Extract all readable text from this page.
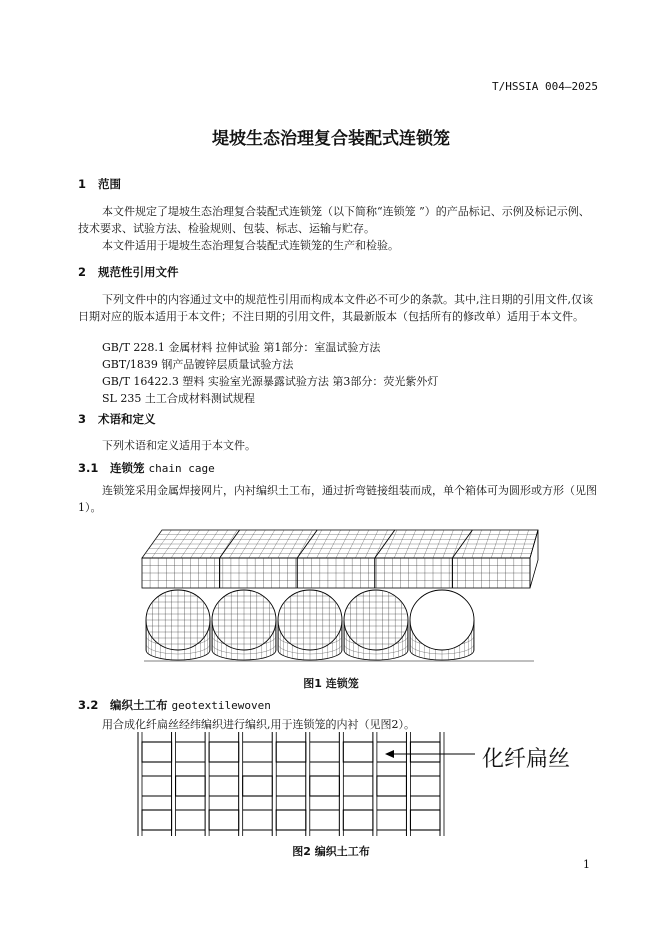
T/HSSIA 004—2025
堤坡生态治理复合装配式连锁笼
1 范围
本文件规定了堤坡生态治理复合装配式连锁笼（以下简称“连锁笼 ”）的产品标记、示例及标记示例、技术要求、试验方法、检验规则、包装、标志、运输与贮存。
本文件适用于堤坡生态治理复合装配式连锁笼的生产和检验。
2 规范性引用文件
下列文件中的内容通过文中的规范性引用而构成本文件必不可少的条款。其中,注日期的引用文件,仅该日期对应的版本适用于本文件；不注日期的引用文件，其最新版本（包括所有的修改单）适用于本文件。
GB/T 228.1 金属材料 拉伸试验 第1部分：室温试验方法
GBT/1839 钢产品镀锌层质量试验方法
GB/T 16422.3 塑料 实验室光源暴露试验方法 第3部分：荧光紫外灯
SL 235 土工合成材料测试规程
3 术语和定义
下列术语和定义适用于本文件。
3.1 连锁笼 chain cage
连锁笼采用金属焊接网片，内衬编织土工布，通过折弯链接组装而成，单个箱体可为圆形或方形（见图1）。
图1 连锁笼
3.2 编织土工布 geotextilewoven
用合成化纤扁丝经纬编织进行编织,用于连锁笼的内衬（见图2）。
化纤扁丝
图2 编织土工布
1
